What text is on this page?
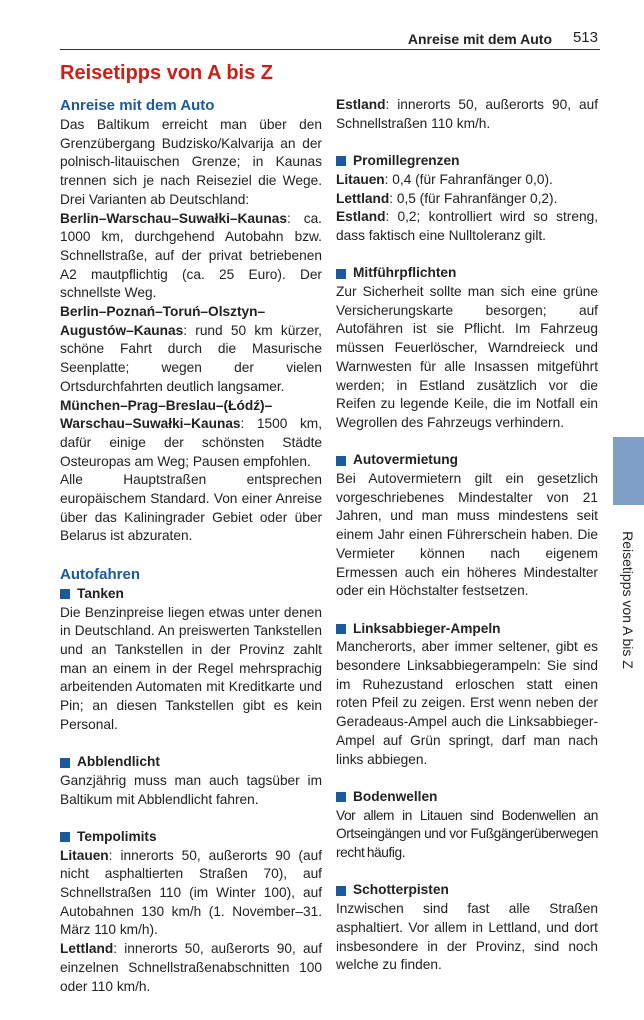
Anreise mit dem Auto	513
Reisetipps von A bis Z
Anreise mit dem Auto

Das Baltikum erreicht man über den Grenzübergang Budzisko/Kalvarija an der polnisch-litauischen Grenze; in Kaunas trennen sich je nach Reiseziel die Wege. Drei Varianten ab Deutschland:

Berlin–Warschau–Suwałki–Kaunas: ca. 1000 km, durchgehend Autobahn bzw. Schnellstraße, auf der privat betriebenen A2 mautpflichtig (ca. 25 Euro). Der schnellste Weg.

Berlin–Poznań–Toruń–Olsztyn–Augustów–Kaunas: rund 50 km kürzer, schöne Fahrt durch die Masurische Seenplatte; wegen der vielen Ortsdurchfahrten deutlich langsamer.

München–Prag–Breslau–(Łódź)–Warschau–Suwałki–Kaunas: 1500 km, dafür einige der schönsten Städte Osteuropas am Weg; Pausen empfohlen.

Alle Hauptstraßen entsprechen europäischem Standard. Von einer Anreise über das Kaliningrader Gebiet oder über Belarus ist abzuraten.

Autofahren
Tanken

Die Benzinpreise liegen etwas unter denen in Deutschland. An preiswerten Tankstellen und an Tankstellen in der Provinz zahlt man an einem in der Regel mehrsprachig arbeitenden Automaten mit Kreditkarte und Pin; an diesen Tankstellen gibt es kein Personal.

Abblendlicht

Ganzjährig muss man auch tagsüber im Baltikum mit Abblendlicht fahren.

Tempolimits

Litauen: innerorts 50, außerorts 90 (auf nicht asphaltierten Straßen 70), auf Schnellstraßen 110 (im Winter 100), auf Autobahnen 130 km/h (1. November–31. März 110 km/h).

Lettland: innerorts 50, außerorts 90, auf einzelnen Schnellstraßenabschnitten 100 oder 110 km/h.

Estland: innerorts 50, außerorts 90, auf Schnellstraßen 110 km/h.

Promillegrenzen

Litauen: 0,4 (für Fahranfänger 0,0).

Lettland: 0,5 (für Fahranfänger 0,2).

Estland: 0,2; kontrolliert wird so streng, dass faktisch eine Nulltoleranz gilt.

Mitführpflichten

Zur Sicherheit sollte man sich eine grüne Versicherungskarte besorgen; auf Autofähren ist sie Pflicht. Im Fahrzeug müssen Feuerlöscher, Warndreieck und Warnwesten für alle Insassen mitgeführt werden; in Estland zusätzlich vor die Reifen zu legende Keile, die im Notfall ein Wegrollen des Fahrzeugs verhindern.

Autovermietung

Bei Autovermietern gilt ein gesetzlich vorgeschriebenes Mindestalter von 21 Jahren, und man muss mindestens seit einem Jahr einen Führerschein haben. Die Vermieter können nach eigenem Ermessen auch ein höheres Mindestalter oder ein Höchstalter festsetzen.

Linksabbieger-Ampeln

Mancherorts, aber immer seltener, gibt es besondere Linksabbiegerampeln: Sie sind im Ruhezustand erloschen statt einen roten Pfeil zu zeigen. Erst wenn neben der Geradeaus-Ampel auch die Linksabbieger-Ampel auf Grün springt, darf man nach links abbiegen.

Bodenwellen

Vor allem in Litauen sind Bodenwellen an Ortseingängen und vor Fußgängerüberwegen recht häufig.

Schotterpisten

Inzwischen sind fast alle Straßen asphaltiert. Vor allem in Lettland, und dort insbesondere in der Provinz, sind noch welche zu finden.

Reisetipps von A bis Z
